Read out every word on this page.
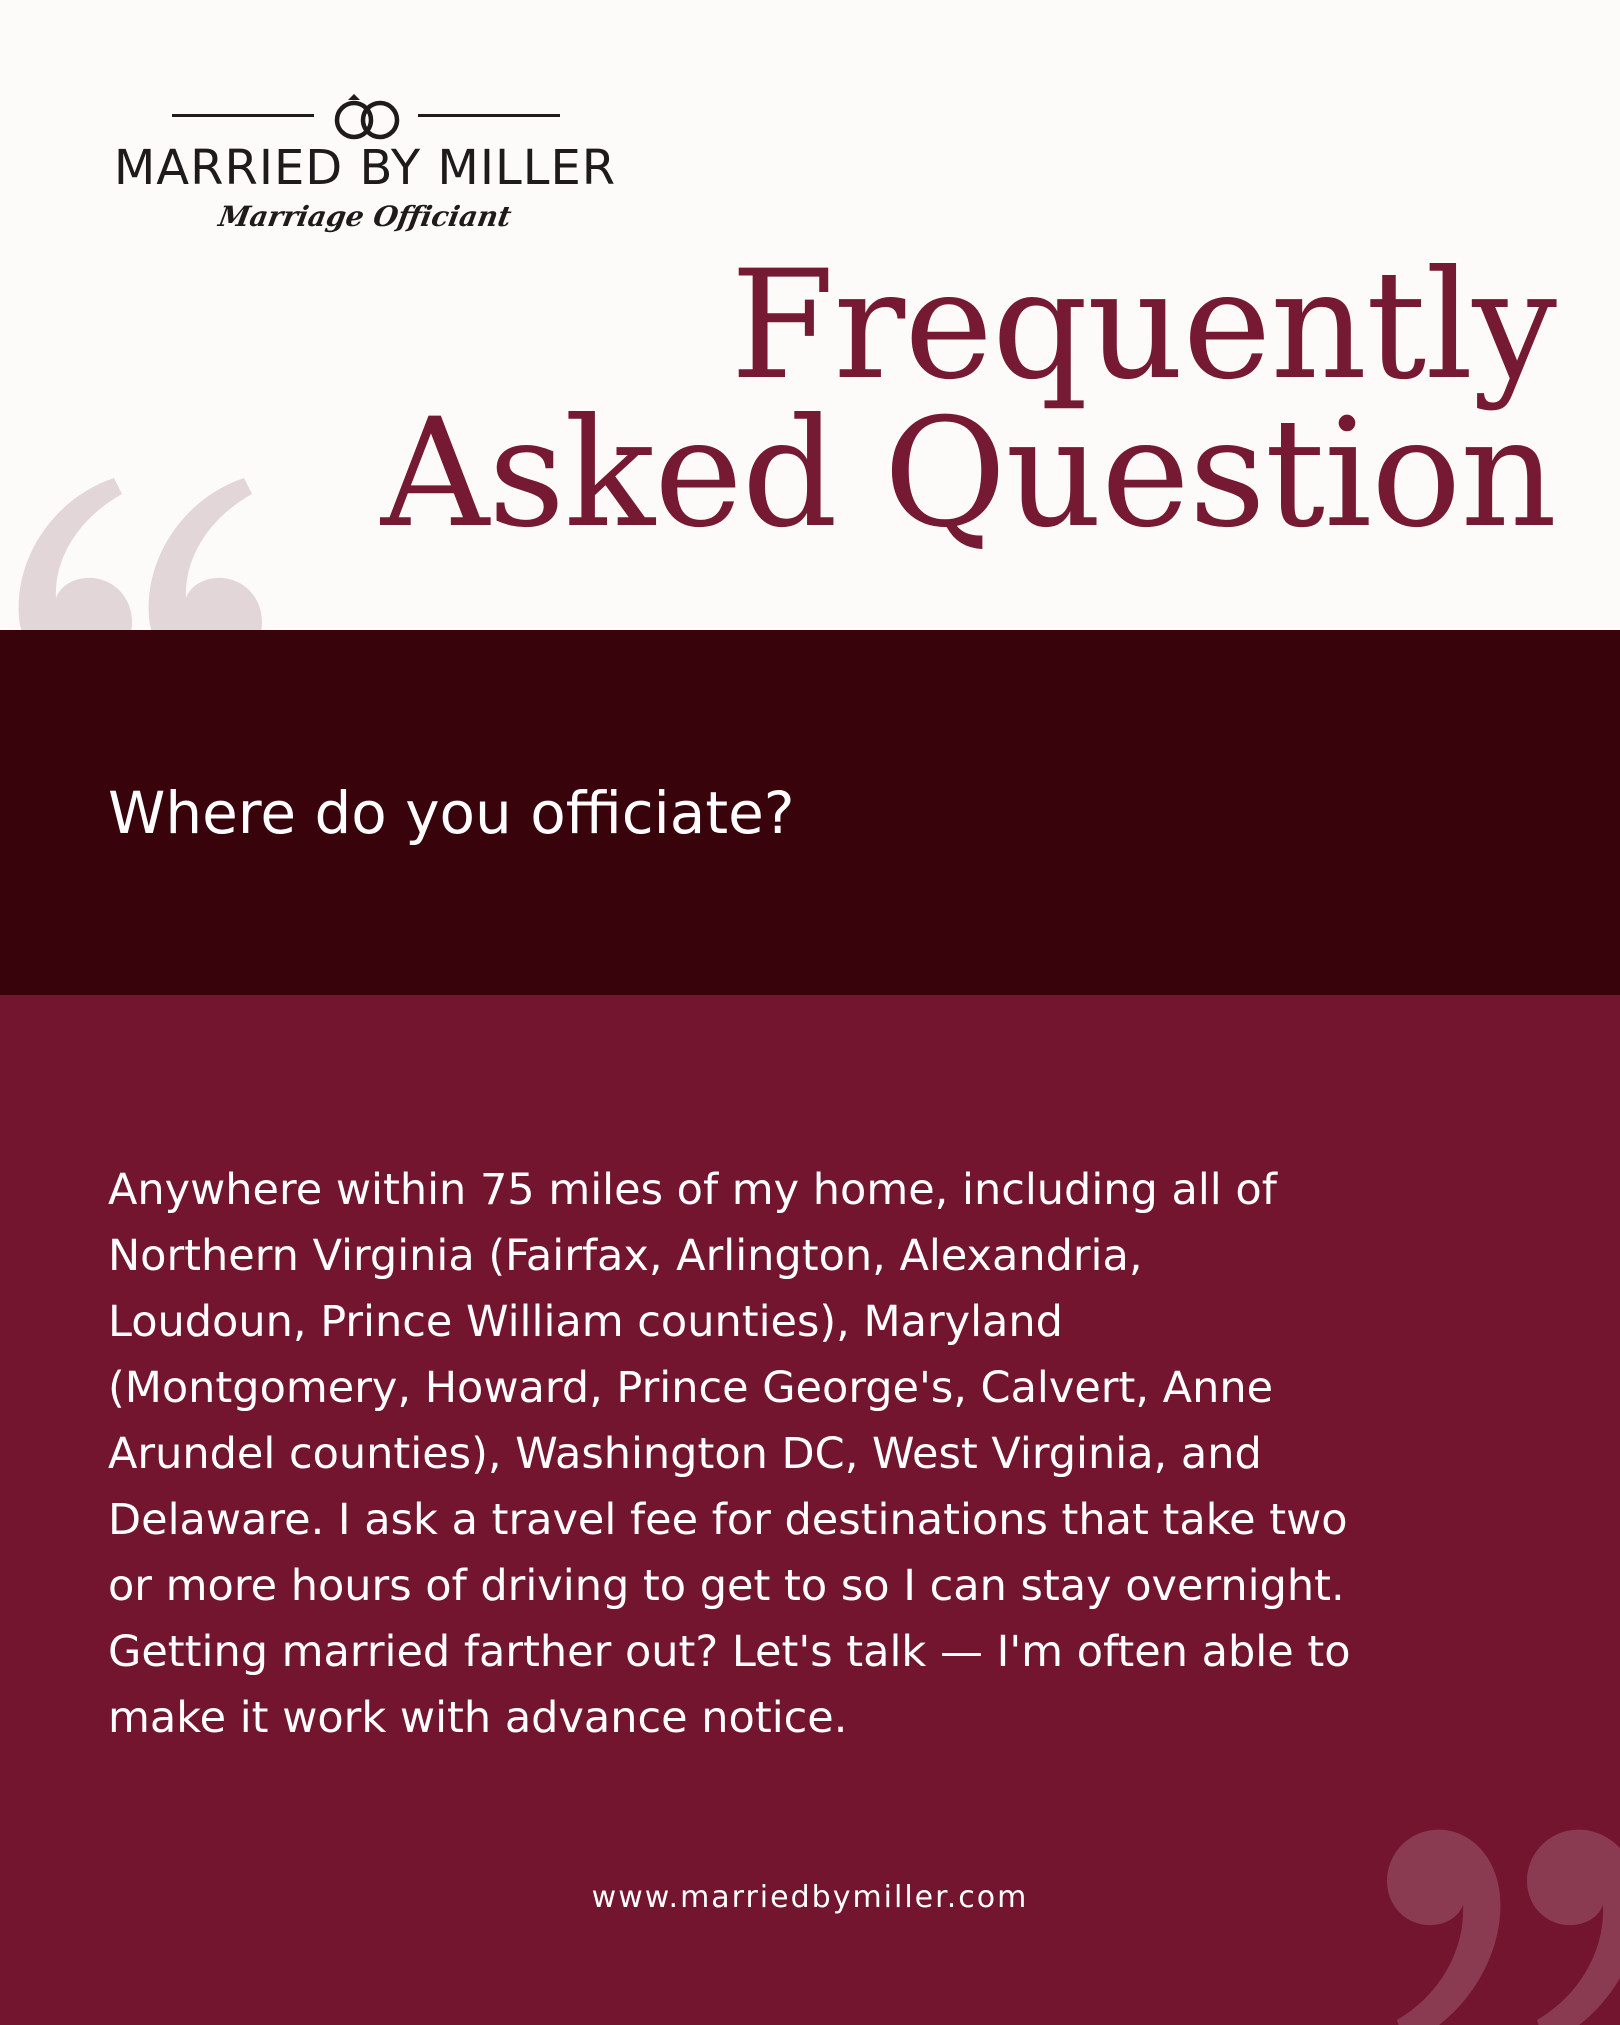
MARRIED BY MILLER
Marriage Officiant
Frequently
Asked Question
Where do you officiate?

Anywhere within 75 miles of my home, including all of
Northern Virginia (Fairfax, Arlington, Alexandria,
Loudoun, Prince William counties), Maryland
(Montgomery, Howard, Prince George's, Calvert, Anne
Arundel counties), Washington DC, West Virginia, and
Delaware. I ask a travel fee for destinations that take two
or more hours of driving to get to so I can stay overnight.
Getting married farther out? Let's talk — I'm often able to
make it work with advance notice.

www.marriedbymiller.com
